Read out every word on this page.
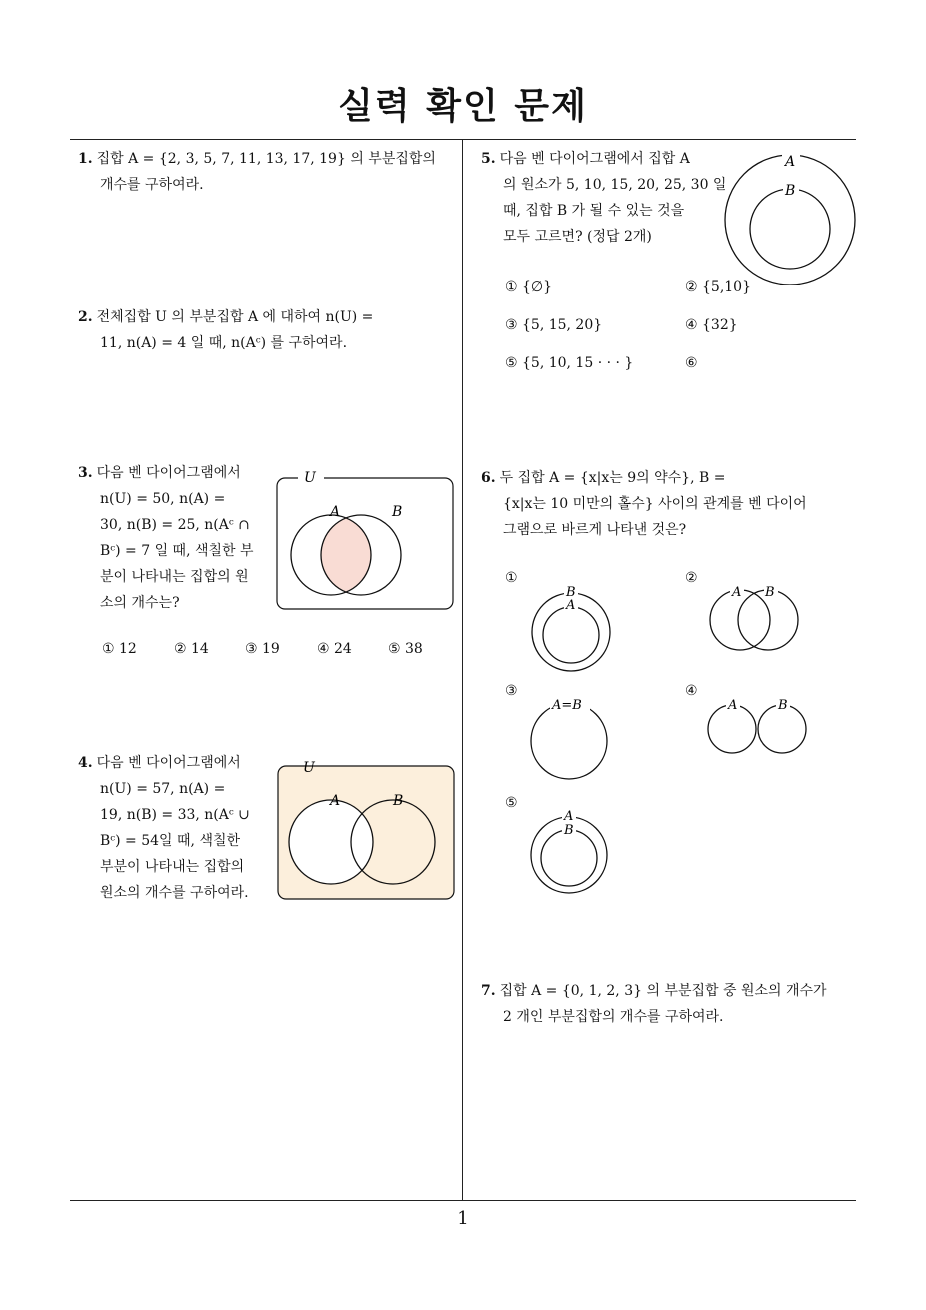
실력 확인 문제
1
1. 집합 A = {2, 3, 5, 7, 11, 13, 17, 19} 의 부분집합의
개수를 구하여라.
2. 전체집합 U 의 부분집합 A 에 대하여 n(U) =
11, n(A) = 4 일 때, n(Aᶜ) 를 구하여라.
3. 다음 벤 다이어그램에서
n(U) = 50, n(A) =
30, n(B) = 25, n(Aᶜ ∩
Bᶜ) = 7 일 때, 색칠한 부
분이 나타내는 집합의 원
소의 개수는?
U
A	B
① 12	② 14	③ 19	④ 24	⑤ 38
4. 다음 벤 다이어그램에서
n(U) = 57, n(A) =
19, n(B) = 33, n(Aᶜ ∪
Bᶜ) = 54일 때, 색칠한
부분이 나타내는 집합의
원소의 개수를 구하여라.
U
A	B
5. 다음 벤 다이어그램에서 집합 A
의 원소가 5, 10, 15, 20, 25, 30 일
때, 집합 B 가 될 수 있는 것을
모두 고르면? (정답 2개)
A
B
① {∅}	② {5,10}
③ {5, 15, 20}	④ {32}
⑤ {5, 10, 15 · · · }	⑥
6. 두 집합 A = {x|x는 9의 약수}, B =
{x|x는 10 미만의 홀수} 사이의 관계를 벤 다이어
그램으로 바르게 나타낸 것은?
①
B
A
②
A B
③
A=B
④
A	B
⑤
A
B
7. 집합 A = {0, 1, 2, 3} 의 부분집합 중 원소의 개수가
2 개인 부분집합의 개수를 구하여라.
